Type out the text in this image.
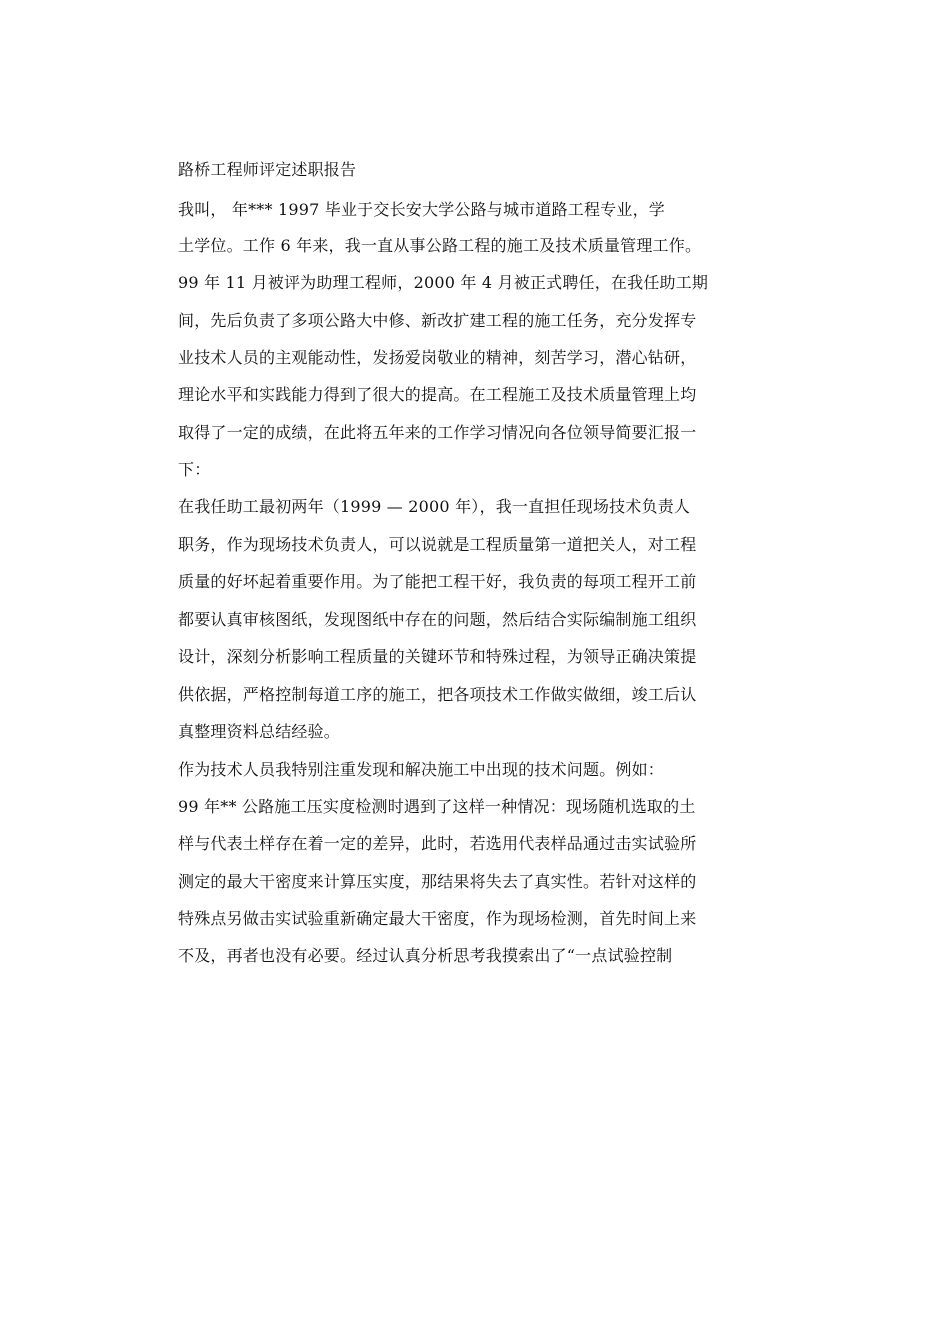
路桥工程师评定述职报告
我叫， 年*** 1997 毕业于交长安大学公路与城市道路工程专业，学
土学位。工作 6 年来，我一直从事公路工程的施工及技术质量管理工作。
99 年 11 月被评为助理工程师，2000 年 4 月被正式聘任，在我任助工期
间，先后负责了多项公路大中修、新改扩建工程的施工任务，充分发挥专
业技术人员的主观能动性，发扬爱岗敬业的精神，刻苦学习，潜心钻研，
理论水平和实践能力得到了很大的提高。在工程施工及技术质量管理上均
取得了一定的成绩，在此将五年来的工作学习情况向各位领导简要汇报一
下：
在我任助工最初两年（1999 — 2000 年），我一直担任现场技术负责人
职务，作为现场技术负责人，可以说就是工程质量第一道把关人，对工程
质量的好坏起着重要作用。为了能把工程干好，我负责的每项工程开工前
都要认真审核图纸，发现图纸中存在的问题，然后结合实际编制施工组织
设计，深刻分析影响工程质量的关键环节和特殊过程，为领导正确决策提
供依据，严格控制每道工序的施工，把各项技术工作做实做细，竣工后认
真整理资料总结经验。
作为技术人员我特别注重发现和解决施工中出现的技术问题。例如：
99 年** 公路施工压实度检测时遇到了这样一种情况：现场随机选取的土
样与代表土样存在着一定的差异，此时，若选用代表样品通过击实试验所
测定的最大干密度来计算压实度，那结果将失去了真实性。若针对这样的
特殊点另做击实试验重新确定最大干密度，作为现场检测，首先时间上来
不及，再者也没有必要。经过认真分析思考我摸索出了“一点试验控制
